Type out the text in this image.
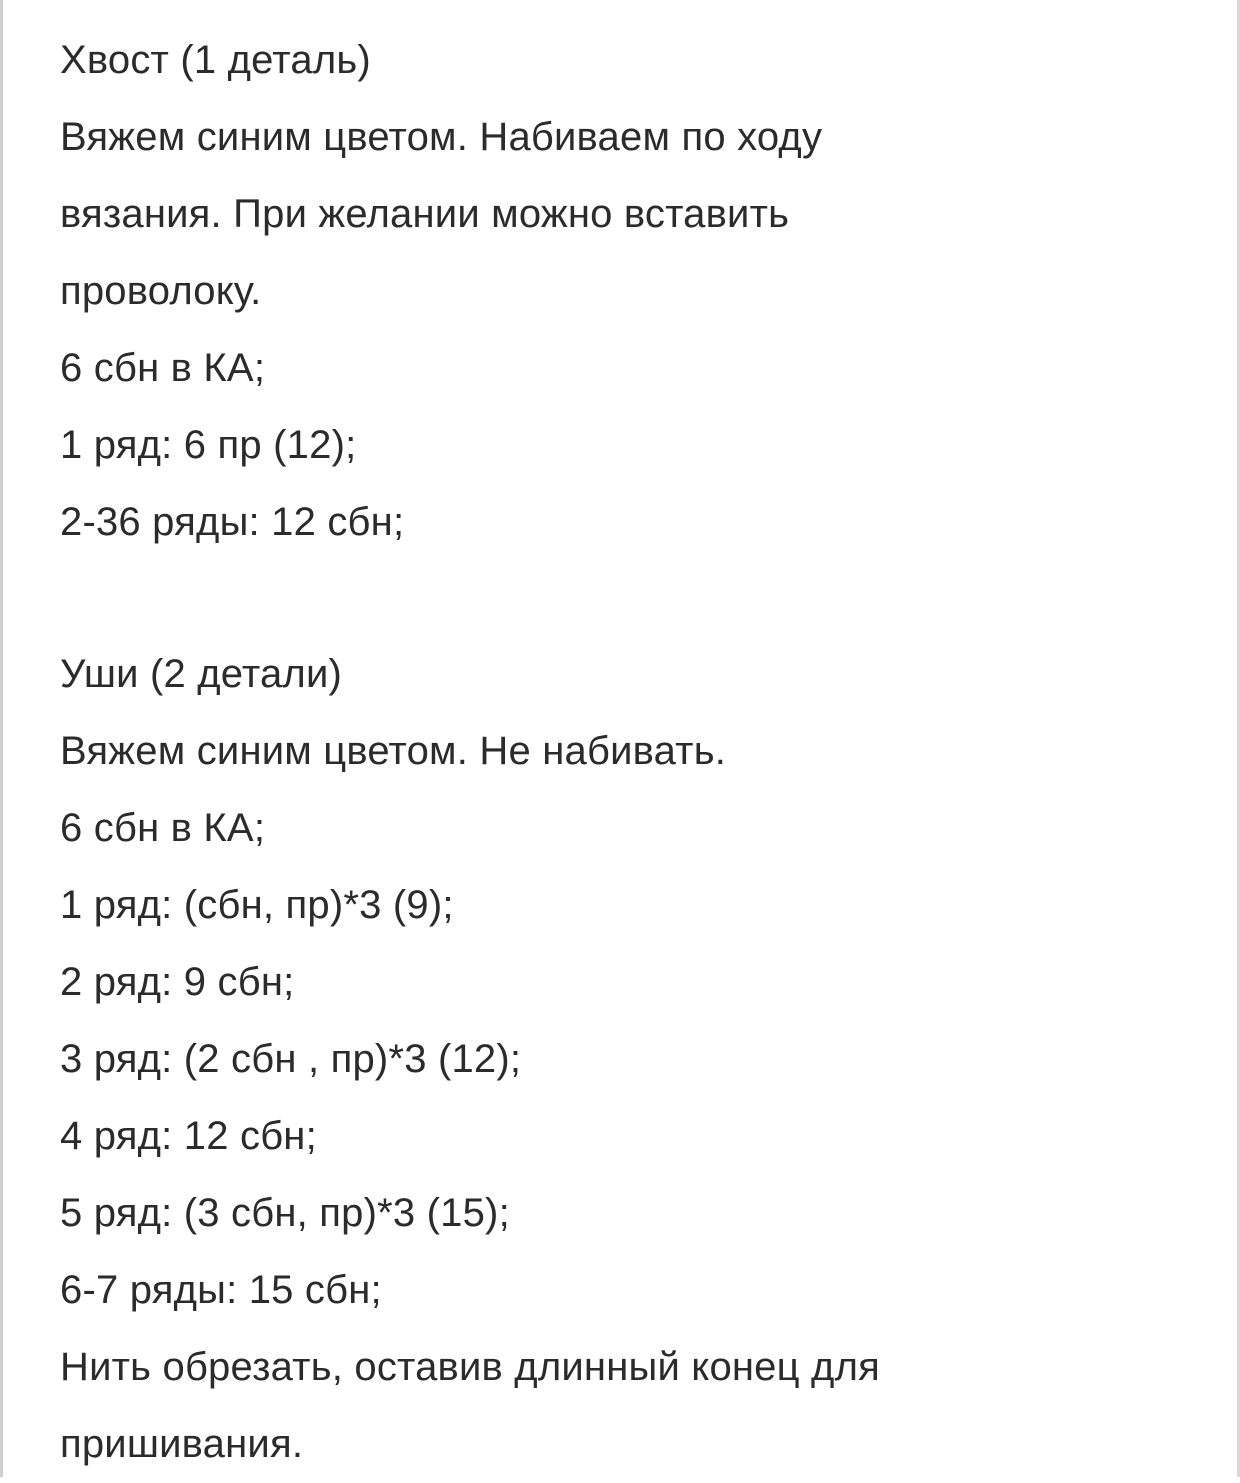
Хвост (1 деталь)
Вяжем синим цветом. Набиваем по ходу
вязания. При желании можно вставить
проволоку.
6 сбн в КА;
1 ряд: 6 пр (12);
2-36 ряды: 12 сбн;
Уши (2 детали)
Вяжем синим цветом. Не набивать.
6 сбн в КА;
1 ряд: (сбн, пр)*3 (9);
2 ряд: 9 сбн;
3 ряд: (2 сбн , пр)*3 (12);
4 ряд: 12 сбн;
5 ряд: (3 сбн, пр)*3 (15);
6-7 ряды: 15 сбн;
Нить обрезать, оставив длинный конец для
пришивания.
